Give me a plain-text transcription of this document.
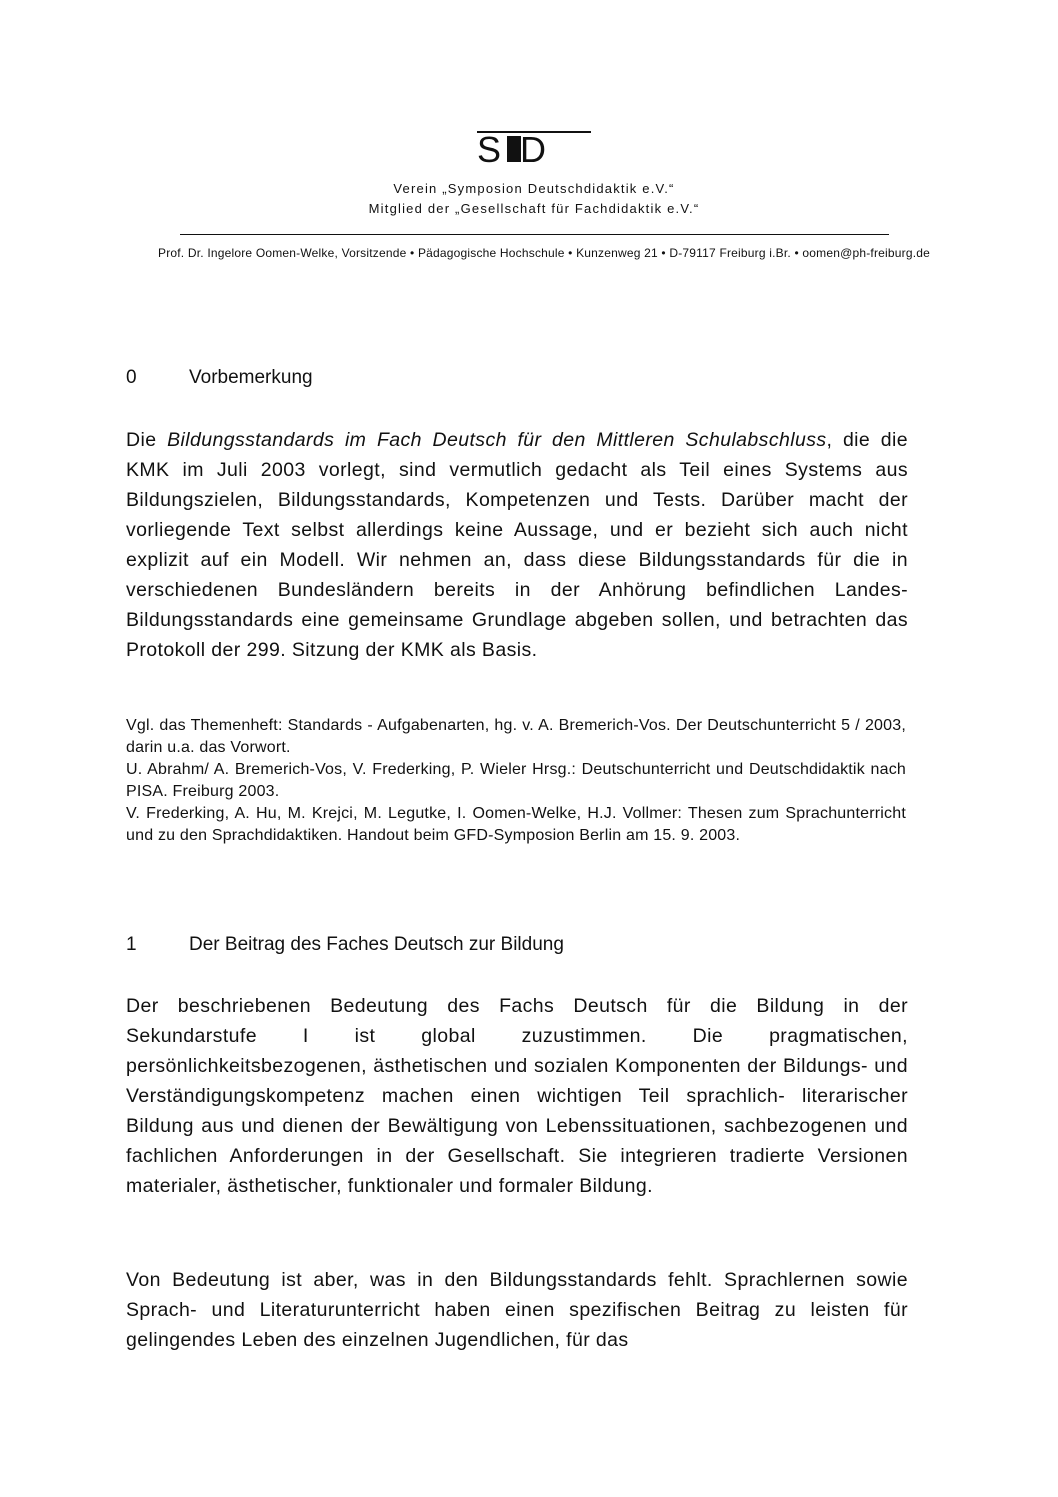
S D
Verein „Symposion Deutschdidaktik e.V.“
Mitglied der „Gesellschaft für Fachdidaktik e.V.“
Prof. Dr. Ingelore Oomen-Welke, Vorsitzende • Pädagogische Hochschule • Kunzenweg 21 • D-79117 Freiburg i.Br. • oomen@ph-freiburg.de
0	Vorbemerkung
Die Bildungsstandards im Fach Deutsch für den Mittleren Schulabschluss, die die KMK im Juli 2003 vorlegt, sind vermutlich gedacht als Teil eines Systems aus Bildungszielen, Bildungsstandards, Kompetenzen und Tests. Darüber macht der vorliegende Text selbst allerdings keine Aussage, und er bezieht sich auch nicht explizit auf ein Modell. Wir nehmen an, dass diese Bildungsstandards für die in verschiedenen Bundesländern bereits in der Anhörung befindlichen Landes-Bildungsstandards eine gemeinsame Grundlage abgeben sollen, und betrachten das Protokoll der 299. Sitzung der KMK als Basis.

Vgl. das Themenheft: Standards - Aufgabenarten, hg. v. A. Bremerich-Vos. Der Deutschunterricht 5 / 2003, darin u.a. das Vorwort.

U. Abrahm/ A. Bremerich-Vos, V. Frederking, P. Wieler Hrsg.: Deutschunterricht und Deutschdidaktik nach PISA. Freiburg 2003.

V. Frederking, A. Hu, M. Krejci, M. Legutke, I. Oomen-Welke, H.J. Vollmer: Thesen zum Sprachunterricht und zu den Sprachdidaktiken. Handout beim GFD-Symposion Berlin am 15. 9. 2003.

1	Der Beitrag des Faches Deutsch zur Bildung
Der beschriebenen Bedeutung des Fachs Deutsch für die Bildung in der Sekundarstufe I ist global zuzustimmen. Die pragmatischen, persönlichkeitsbezogenen, ästhetischen und sozialen Komponenten der Bildungs- und Verständigungskompetenz machen einen wichtigen Teil sprachlich- literarischer Bildung aus und dienen der Bewältigung von Lebenssituationen, sachbezogenen und fachlichen Anforderungen in der Gesellschaft. Sie integrieren tradierte Versionen materialer, ästhetischer, funktionaler und formaler Bildung.
Von Bedeutung ist aber, was in den Bildungsstandards fehlt. Sprachlernen sowie Sprach- und Literaturunterricht haben einen spezifischen Beitrag zu leisten für gelingendes Leben des einzelnen Jugendlichen, für das
